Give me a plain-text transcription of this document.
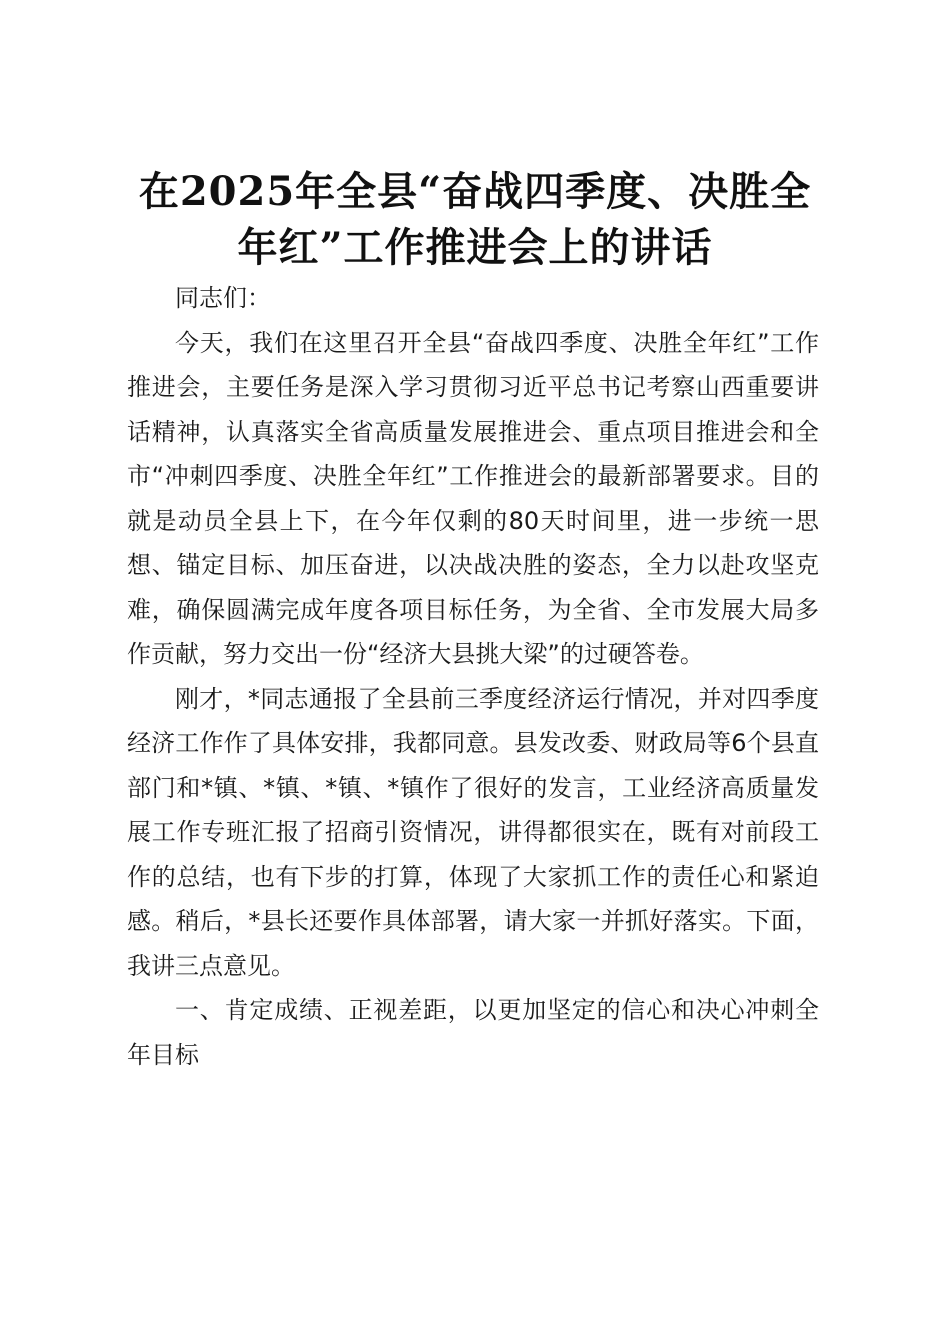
在2025年全县“奋战四季度、决胜全年红”工作推进会上的讲话

同志们：

今天，我们在这里召开全县“奋战四季度、决胜全年红”工作推进会，主要任务是深入学习贯彻习近平总书记考察山西重要讲话精神，认真落实全省高质量发展推进会、重点项目推进会和全市“冲刺四季度、决胜全年红”工作推进会的最新部署要求。目的就是动员全县上下，在今年仅剩的80天时间里，进一步统一思想、锚定目标、加压奋进，以决战决胜的姿态，全力以赴攻坚克难，确保圆满完成年度各项目标任务，为全省、全市发展大局多作贡献，努力交出一份“经济大县挑大梁”的过硬答卷。

刚才，*同志通报了全县前三季度经济运行情况，并对四季度经济工作作了具体安排，我都同意。县发改委、财政局等6个县直部门和*镇、*镇、*镇、*镇作了很好的发言，工业经济高质量发展工作专班汇报了招商引资情况，讲得都很实在，既有对前段工作的总结，也有下步的打算，体现了大家抓工作的责任心和紧迫感。稍后，*县长还要作具体部署，请大家一并抓好落实。下面，我讲三点意见。

一、肯定成绩、正视差距，以更加坚定的信心和决心冲刺全年目标
